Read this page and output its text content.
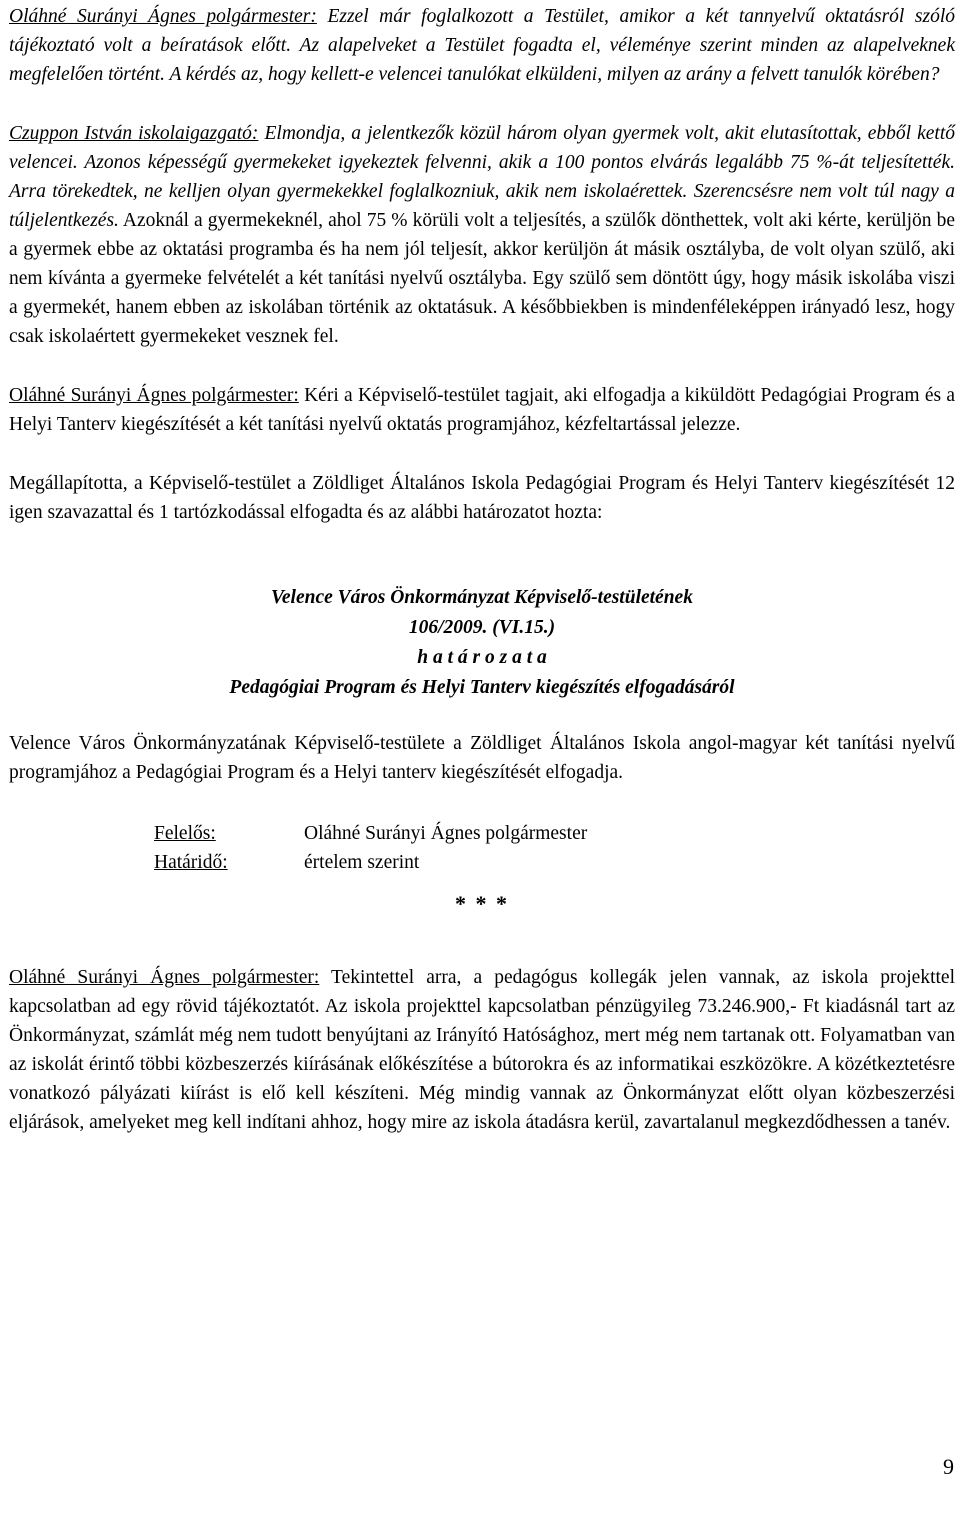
Oláhné Surányi Ágnes polgármester: Ezzel már foglalkozott a Testület, amikor a két tannyelvű oktatásról szóló tájékoztató volt a beíratások előtt. Az alapelveket a Testület fogadta el, véleménye szerint minden az alapelveknek megfelelően történt. A kérdés az, hogy kellett-e velencei tanulókat elküldeni, milyen az arány a felvett tanulók körében?

Czuppon István iskolaigazgató: Elmondja, a jelentkezők közül három olyan gyermek volt, akit elutasítottak, ebből kettő velencei. Azonos képességű gyermekeket igyekeztek felvenni, akik a 100 pontos elvárás legalább 75 %-át teljesítették. Arra törekedtek, ne kelljen olyan gyermekekkel foglalkozniuk, akik nem iskolaérettek. Szerencsésre nem volt túl nagy a túljelentkezés. Azoknál a gyermekeknél, ahol 75 % körüli volt a teljesítés, a szülők dönthettek, volt aki kérte, kerüljön be a gyermek ebbe az oktatási programba és ha nem jól teljesít, akkor kerüljön át másik osztályba, de volt olyan szülő, aki nem kívánta a gyermeke felvételét a két tanítási nyelvű osztályba. Egy szülő sem döntött úgy, hogy másik iskolába viszi a gyermekét, hanem ebben az iskolában történik az oktatásuk. A későbbiekben is mindenféleképpen irányadó lesz, hogy csak iskolaértett gyermekeket vesznek fel.

Oláhné Surányi Ágnes polgármester: Kéri a Képviselő-testület tagjait, aki elfogadja a kiküldött Pedagógiai Program és a Helyi Tanterv kiegészítését a két tanítási nyelvű oktatás programjához, kézfeltartással jelezze.

Megállapította, a Képviselő-testület a Zöldliget Általános Iskola Pedagógiai Program és Helyi Tanterv kiegészítését 12 igen szavazattal és 1 tartózkodással elfogadta és az alábbi határozatot hozta:

Velence Város Önkormányzat Képviselő-testületének
106/2009. (VI.15.)
h a t á r o z a t a
Pedagógiai Program és Helyi Tanterv kiegészítés elfogadásáról

Velence Város Önkormányzatának Képviselő-testülete a Zöldliget Általános Iskola angol-magyar két tanítási nyelvű programjához a Pedagógiai Program és a Helyi tanterv kiegészítését elfogadja.

Felelős:	Oláhné Surányi Ágnes polgármester
Határidő:	értelem szerint
* * *

Oláhné Surányi Ágnes polgármester: Tekintettel arra, a pedagógus kollegák jelen vannak, az iskola projekttel kapcsolatban ad egy rövid tájékoztatót. Az iskola projekttel kapcsolatban pénzügyileg 73.246.900,- Ft kiadásnál tart az Önkormányzat, számlát még nem tudott benyújtani az Irányító Hatósághoz, mert még nem tartanak ott. Folyamatban van az iskolát érintő többi közbeszerzés kiírásának előkészítése a bútorokra és az informatikai eszközökre. A közétkeztetésre vonatkozó pályázati kiírást is elő kell készíteni. Még mindig vannak az Önkormányzat előtt olyan közbeszerzési eljárások, amelyeket meg kell indítani ahhoz, hogy mire az iskola átadásra kerül, zavartalanul megkezdődhessen a tanév.

9
